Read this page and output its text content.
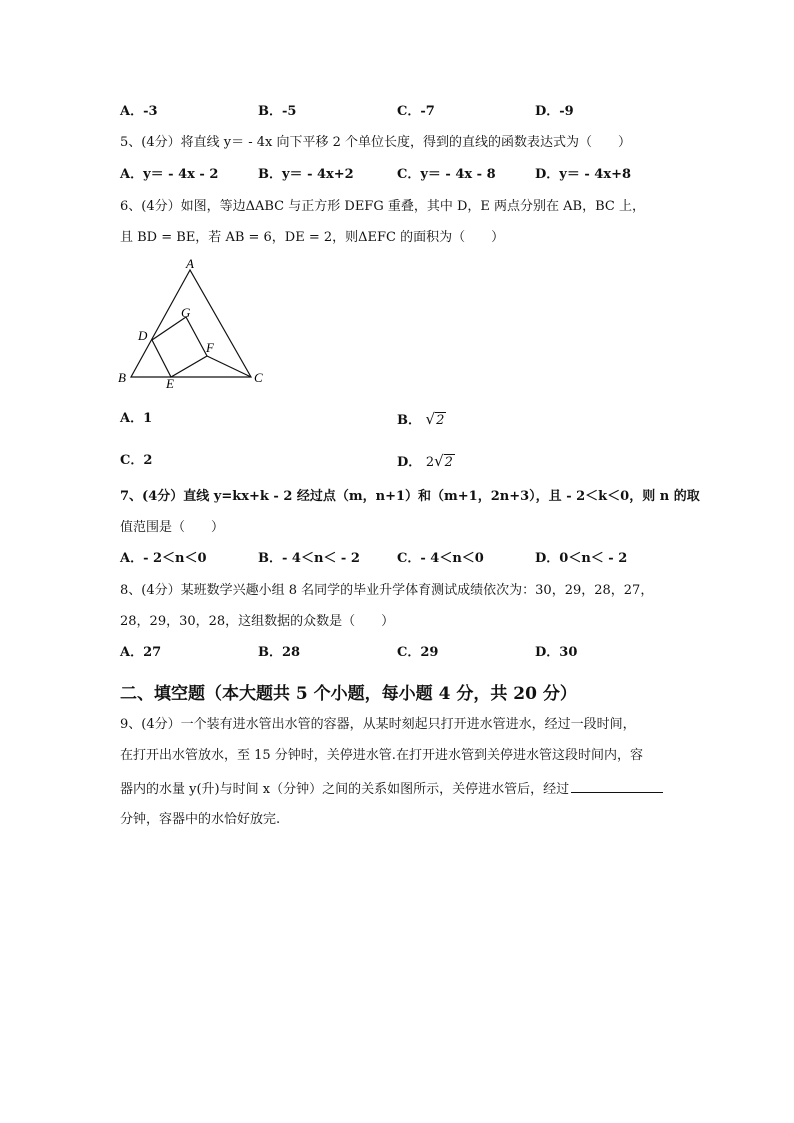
A．-3	B．-5	C．-7	D．-9
5、(4分）将直线 y＝ - 4x 向下平移 2 个单位长度，得到的直线的函数表达式为（　　）
A．y＝ - 4x - 2	B．y＝ - 4x+2	C．y＝ - 4x - 8	D．y＝ - 4x+8
6、(4分）如图，等边ΔABC 与正方形 DEFG 重叠，其中 D，E 两点分别在 AB，BC 上，
且 BD = BE，若 AB = 6，DE = 2，则ΔEFC 的面积为（　　）
A
B	C
D
E
F
G
A．1	B． √2
C．2	D． 2√2
7、(4分）直线 y=kx+k - 2 经过点（m，n+1）和（m+1，2n+3），且 - 2＜k＜0，则 n 的取
值范围是（　　）
A．- 2＜n＜0	B．- 4＜n＜ - 2	C．- 4＜n＜0	D．0＜n＜ - 2
8、(4分）某班数学兴趣小组 8 名同学的毕业升学体育测试成绩依次为：30，29，28，27，
28，29，30，28，这组数据的众数是（　　）
A．27	B．28	C．29	D．30
二、填空题（本大题共 5 个小题，每小题 4 分，共 20 分）
9、(4分）一个装有进水管出水管的容器，从某时刻起只打开进水管进水，经过一段时间，
在打开出水管放水，至 15 分钟时，关停进水管.在打开进水管到关停进水管这段时间内，容
器内的水量 y(升)与时间 x（分钟）之间的关系如图所示，关停进水管后，经过
分钟，容器中的水恰好放完.
